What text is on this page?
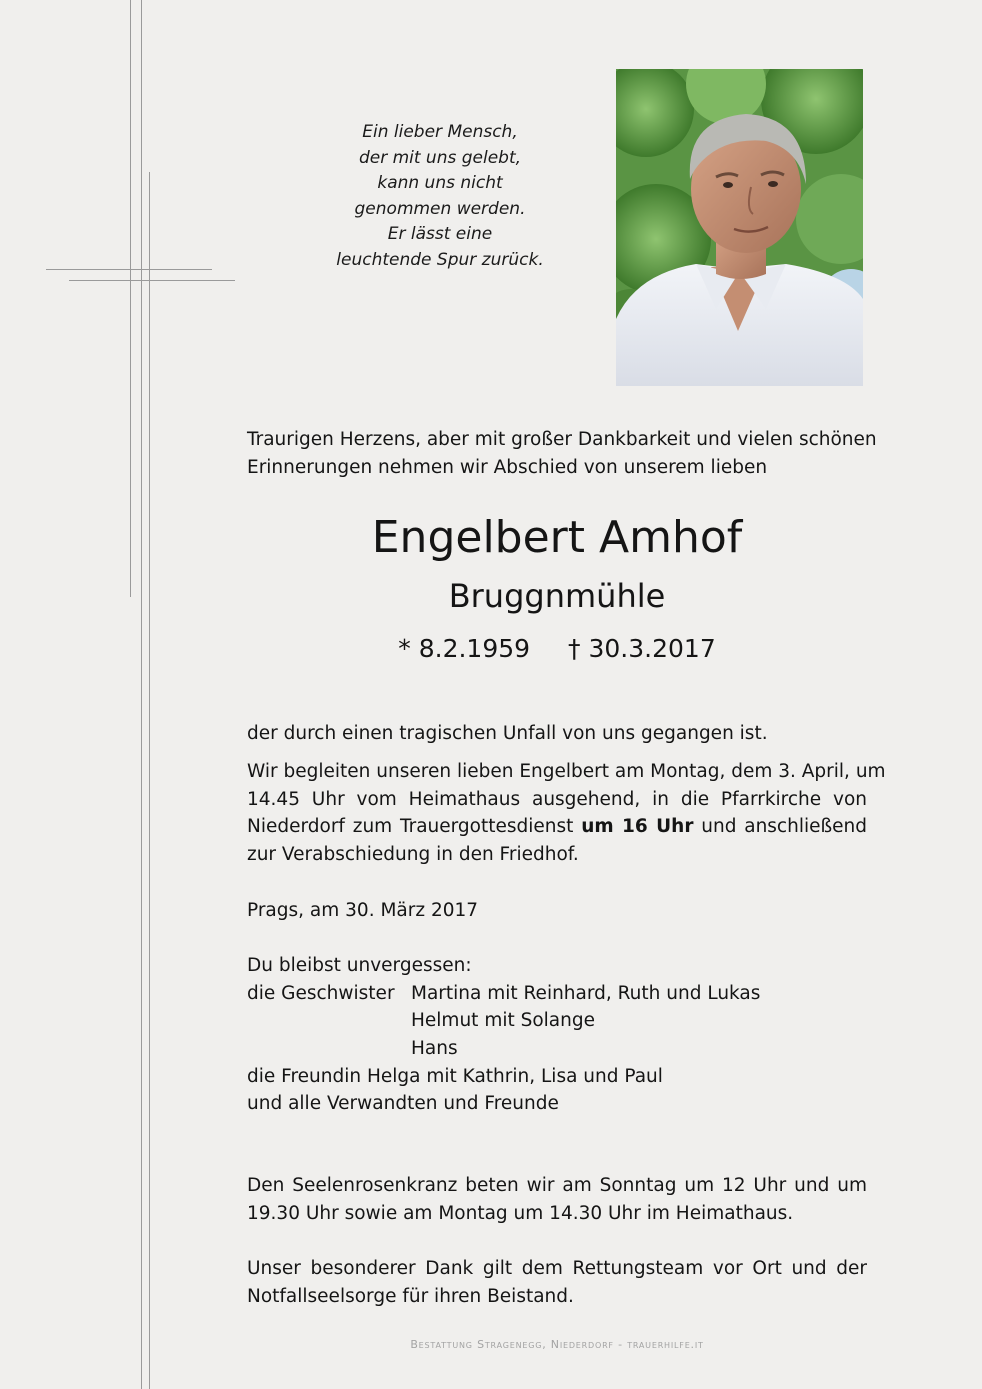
Ein lieber Mensch,
der mit uns gelebt,
kann uns nicht
genommen werden.
Er lässt eine
leuchtende Spur zurück.
Traurigen Herzens, aber mit großer Dankbarkeit und vielen schönen
Erinnerungen nehmen wir Abschied von unserem lieben
Engelbert Amhof
Bruggnmühle
* 8.2.1959 † 30.3.2017
der durch einen tragischen Unfall von uns gegangen ist.
Wir begleiten unseren lieben Engelbert am Montag, dem 3. April, um
14.45 Uhr vom Heimathaus ausgehend, in die Pfarrkirche von
Niederdorf zum Trauergottesdienst um 16 Uhr und anschließend
zur Verabschiedung in den Friedhof.
Prags, am 30. März 2017
Du bleibst unvergessen:
die Geschwister Martina mit Reinhard, Ruth und Lukas
Helmut mit Solange
Hans
die Freundin Helga mit Kathrin, Lisa und Paul
und alle Verwandten und Freunde
Den Seelenrosenkranz beten wir am Sonntag um 12 Uhr und um
19.30 Uhr sowie am Montag um 14.30 Uhr im Heimathaus.
Unser besonderer Dank gilt dem Rettungsteam vor Ort und der
Notfallseelsorge für ihren Beistand.
Bestattung Stragenegg, Niederdorf - trauerhilfe.it
